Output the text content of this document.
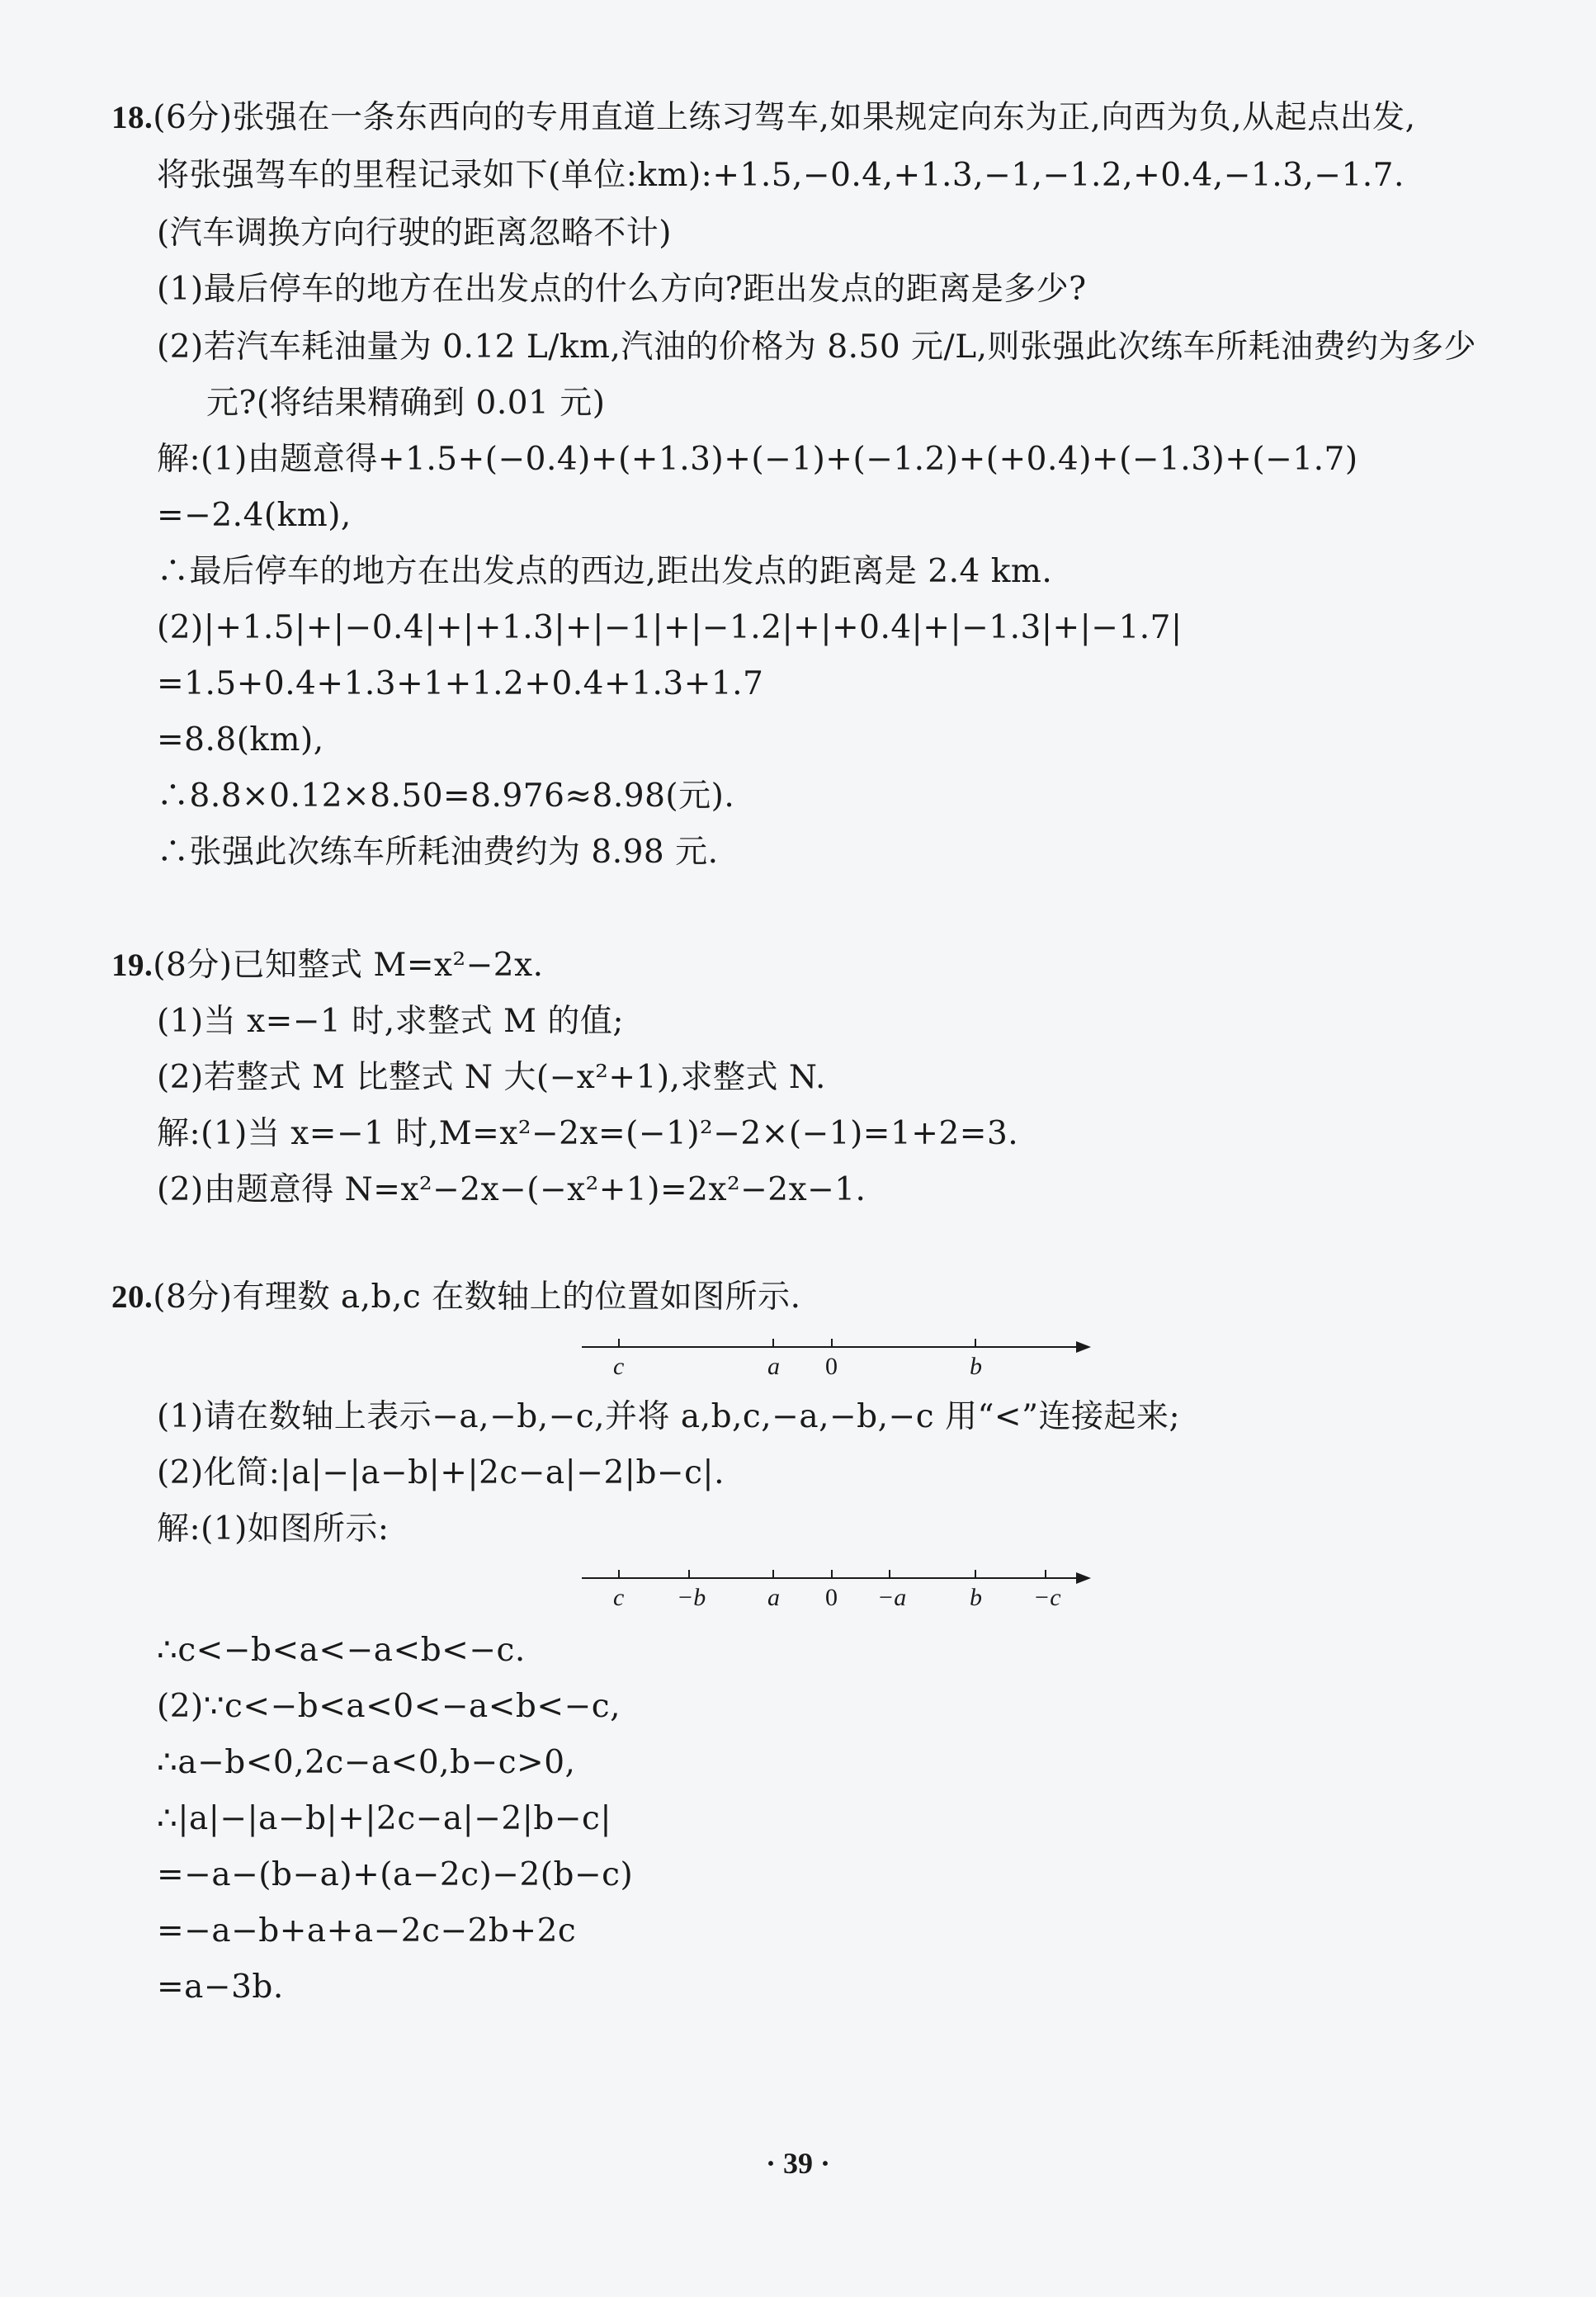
18.(6分)张强在一条东西向的专用直道上练习驾车,如果规定向东为正,向西为负,从起点出发,
将张强驾车的里程记录如下(单位:km):+1.5,−0.4,+1.3,−1,−1.2,+0.4,−1.3,−1.7.
(汽车调换方向行驶的距离忽略不计)
(1)最后停车的地方在出发点的什么方向?距出发点的距离是多少?
(2)若汽车耗油量为 0.12 L/km,汽油的价格为 8.50 元/L,则张强此次练车所耗油费约为多少
元?(将结果精确到 0.01 元)
解:(1)由题意得+1.5+(−0.4)+(+1.3)+(−1)+(−1.2)+(+0.4)+(−1.3)+(−1.7)
=−2.4(km),
∴最后停车的地方在出发点的西边,距出发点的距离是 2.4 km.
(2)|+1.5|+|−0.4|+|+1.3|+|−1|+|−1.2|+|+0.4|+|−1.3|+|−1.7|
=1.5+0.4+1.3+1+1.2+0.4+1.3+1.7
=8.8(km),
∴8.8×0.12×8.50=8.976≈8.98(元).
∴张强此次练车所耗油费约为 8.98 元.
19.(8分)已知整式 M=x²−2x.
(1)当 x=−1 时,求整式 M 的值;
(2)若整式 M 比整式 N 大(−x²+1),求整式 N.
解:(1)当 x=−1 时,M=x²−2x=(−1)²−2×(−1)=1+2=3.
(2)由题意得 N=x²−2x−(−x²+1)=2x²−2x−1.
20.(8分)有理数 a,b,c 在数轴上的位置如图所示.
c	a 0	b
(1)请在数轴上表示−a,−b,−c,并将 a,b,c,−a,−b,−c 用“<”连接起来;
(2)化简:|a|−|a−b|+|2c−a|−2|b−c|.
解:(1)如图所示:
c −b a 0 −a	b −c
∴c<−b<a<−a<b<−c.
(2)∵c<−b<a<0<−a<b<−c,
∴a−b<0,2c−a<0,b−c>0,
∴|a|−|a−b|+|2c−a|−2|b−c|
=−a−(b−a)+(a−2c)−2(b−c)
=−a−b+a+a−2c−2b+2c
=a−3b.
· 39 ·
